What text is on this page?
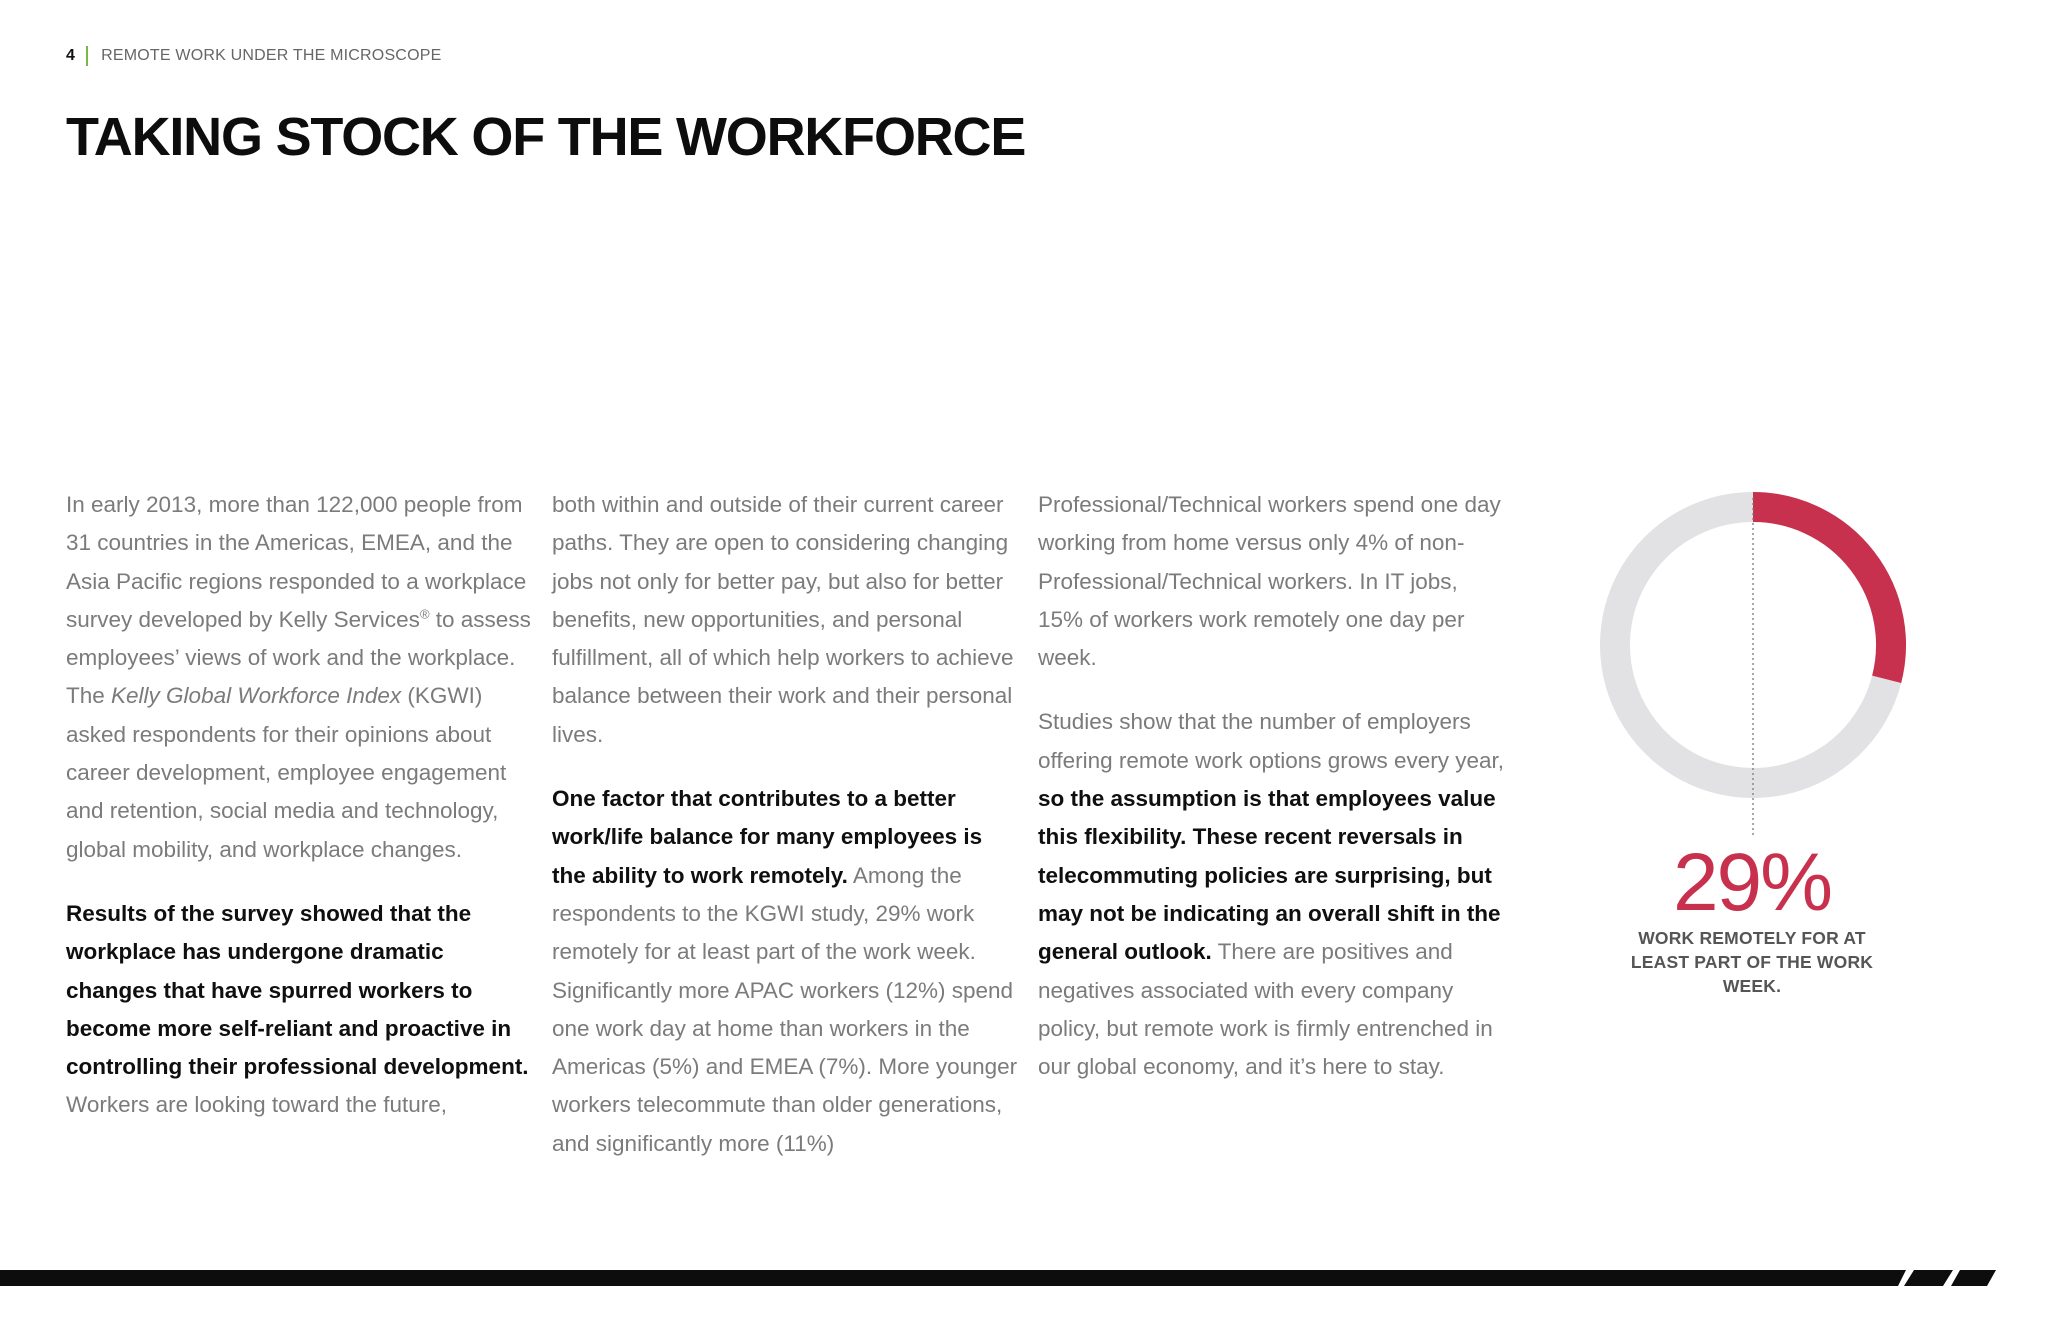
4 REMOTE WORK UNDER THE MICROSCOPE
TAKING STOCK OF THE WORKFORCE

In early 2013, more than 122,000 people from 31 countries in the Americas, EMEA, and the Asia Pacific regions responded to a workplace survey developed by Kelly Services® to assess employees’ views of work and the workplace. The Kelly Global Workforce Index (KGWI) asked respondents for their opinions about career development, employee engagement and retention, social media and technology, global mobility, and workplace changes.

Results of the survey showed that the workplace has undergone dramatic changes that have spurred workers to become more self-reliant and proactive in controlling their professional development. Workers are looking toward the future,

both within and outside of their current career paths. They are open to considering changing jobs not only for better pay, but also for better benefits, new opportunities, and personal fulfillment, all of which help workers to achieve balance between their work and their personal lives.

One factor that contributes to a better work/life balance for many employees is the ability to work remotely. Among the respondents to the KGWI study, 29% work remotely for at least part of the work week. Significantly more APAC workers (12%) spend one work day at home than workers in the Americas (5%) and EMEA (7%). More younger workers telecommute than older generations, and significantly more (11%)

Professional/Technical workers spend one day working from home versus only 4% of non-Professional/Technical workers. In IT jobs, 15% of workers work remotely one day per week.

Studies show that the number of employers offering remote work options grows every year, so the assumption is that employees value this flexibility. These recent reversals in telecommuting policies are surprising, but may not be indicating an overall shift in the general outlook. There are positives and negatives associated with every company policy, but remote work is firmly entrenched in our global economy, and it’s here to stay.

29%
WORK REMOTELY FOR AT LEAST PART OF THE WORK WEEK.
